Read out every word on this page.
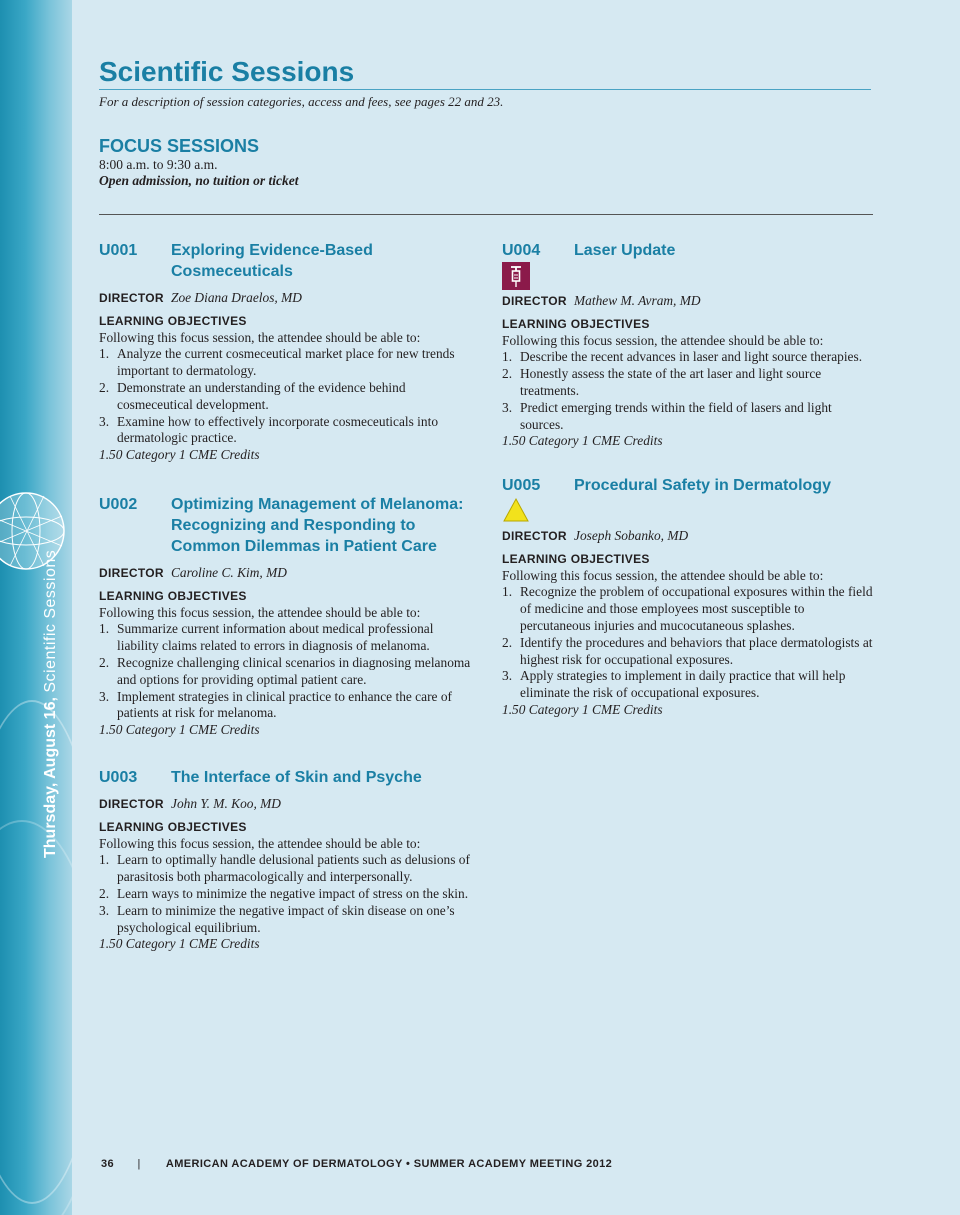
Thursday, August 16, Scientific Sessions
Scientific Sessions
For a description of session categories, access and fees, see pages 22 and 23.
FOCUS SESSIONS
8:00 a.m. to 9:30 a.m.
Open admission, no tuition or ticket
U001	Exploring Evidence-Based Cosmeceuticals
DIRECTOR Zoe Diana Draelos, MD
LEARNING OBJECTIVES
Following this focus session, the attendee should be able to:
1. Analyze the current cosmeceutical market place for new trends important to dermatology.
2. Demonstrate an understanding of the evidence behind cosmeceutical development.
3. Examine how to effectively incorporate cosmeceuticals into dermatologic practice.
1.50 Category 1 CME Credits
U002	Optimizing Management of Melanoma: Recognizing and Responding to Common Dilemmas in Patient Care
DIRECTOR Caroline C. Kim, MD
LEARNING OBJECTIVES
Following this focus session, the attendee should be able to:
1. Summarize current information about medical professional liability claims related to errors in diagnosis of melanoma.
2. Recognize challenging clinical scenarios in diagnosing melanoma and options for providing optimal patient care.
3. Implement strategies in clinical practice to enhance the care of patients at risk for melanoma.
1.50 Category 1 CME Credits
U003	The Interface of Skin and Psyche
DIRECTOR John Y. M. Koo, MD
LEARNING OBJECTIVES
Following this focus session, the attendee should be able to:
1. Learn to optimally handle delusional patients such as delusions of parasitosis both pharmacologically and interpersonally.
2. Learn ways to minimize the negative impact of stress on the skin.
3. Learn to minimize the negative impact of skin disease on one’s psychological equilibrium.
1.50 Category 1 CME Credits
U004	Laser Update
DIRECTOR Mathew M. Avram, MD
LEARNING OBJECTIVES
Following this focus session, the attendee should be able to:
1. Describe the recent advances in laser and light source therapies.
2. Honestly assess the state of the art laser and light source treatments.
3. Predict emerging trends within the field of lasers and light sources.
1.50 Category 1 CME Credits
U005	Procedural Safety in Dermatology
DIRECTOR Joseph Sobanko, MD
LEARNING OBJECTIVES
Following this focus session, the attendee should be able to:
1. Recognize the problem of occupational exposures within the field of medicine and those employees most susceptible to percutaneous injuries and mucocutaneous splashes.
2. Identify the procedures and behaviors that place dermatologists at highest risk for occupational exposures.
3. Apply strategies to implement in daily practice that will help eliminate the risk of occupational exposures.
1.50 Category 1 CME Credits
36 | AMERICAN ACADEMY OF DERMATOLOGY • SUMMER ACADEMY MEETING 2012
